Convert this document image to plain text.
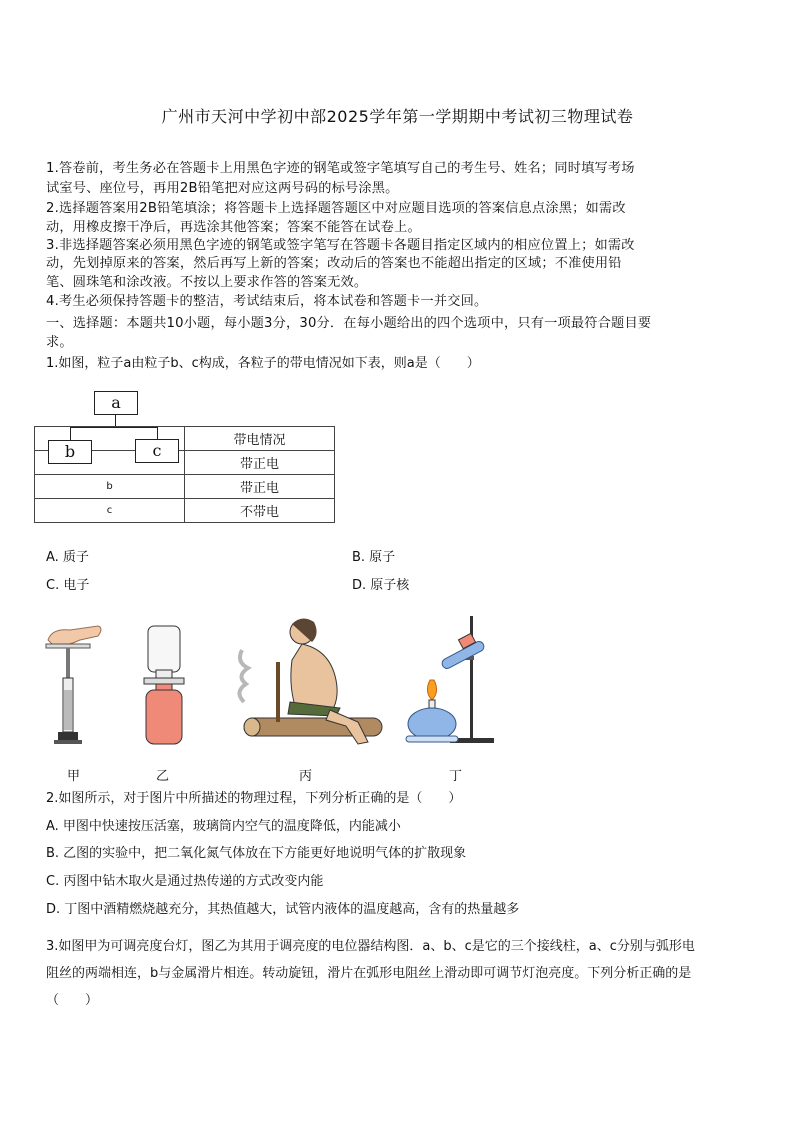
广州市天河中学初中部2025学年第一学期期中考试初三物理试卷
1.答卷前，考生务必在答题卡上用黑色字迹的钢笔或签字笔填写自己的考生号、姓名；同时填写考场
试室号、座位号，再用2B铅笔把对应这两号码的标号涂黑。
2.选择题答案用2B铅笔填涂；将答题卡上选择题答题区中对应题目选项的答案信息点涂黑；如需改
动，用橡皮擦干净后，再选涂其他答案；答案不能答在试卷上。
3.非选择题答案必须用黑色字迹的钢笔或签字笔写在答题卡各题目指定区域内的相应位置上；如需改
动，先划掉原来的答案，然后再写上新的答案；改动后的答案也不能超出指定的区域；不准使用铅
笔、圆珠笔和涂改液。不按以上要求作答的答案无效。
4.考生必须保持答题卡的整洁，考试结束后，将本试卷和答题卡一并交回。
一、选择题：本题共10小题，每小题3分，30分．在每小题给出的四个选项中，只有一项最符合题目要
求。
1.如图，粒子a由粒子b、c构成，各粒子的带电情况如下表，则a是（　　）
a
	带电情况
	带正电
b	带正电
c	不带电
b	c
A. 质子	B. 原子
C. 电子	D. 原子核
甲	乙	丙	丁
2.如图所示，对于图片中所描述的物理过程，下列分析正确的是（　　）
A. 甲图中快速按压活塞，玻璃筒内空气的温度降低，内能减小
B. 乙图的实验中，把二氧化氮气体放在下方能更好地说明气体的扩散现象
C. 丙图中钻木取火是通过热传递的方式改变内能
D. 丁图中酒精燃烧越充分，其热值越大，试管内液体的温度越高，含有的热量越多
3.如图甲为可调亮度台灯，图乙为其用于调亮度的电位器结构图．a、b、c是它的三个接线柱，a、c分别与弧形电
阻丝的两端相连，b与金属滑片相连。转动旋钮，滑片在弧形电阻丝上滑动即可调节灯泡亮度。下列分析正确的是
（　　）
